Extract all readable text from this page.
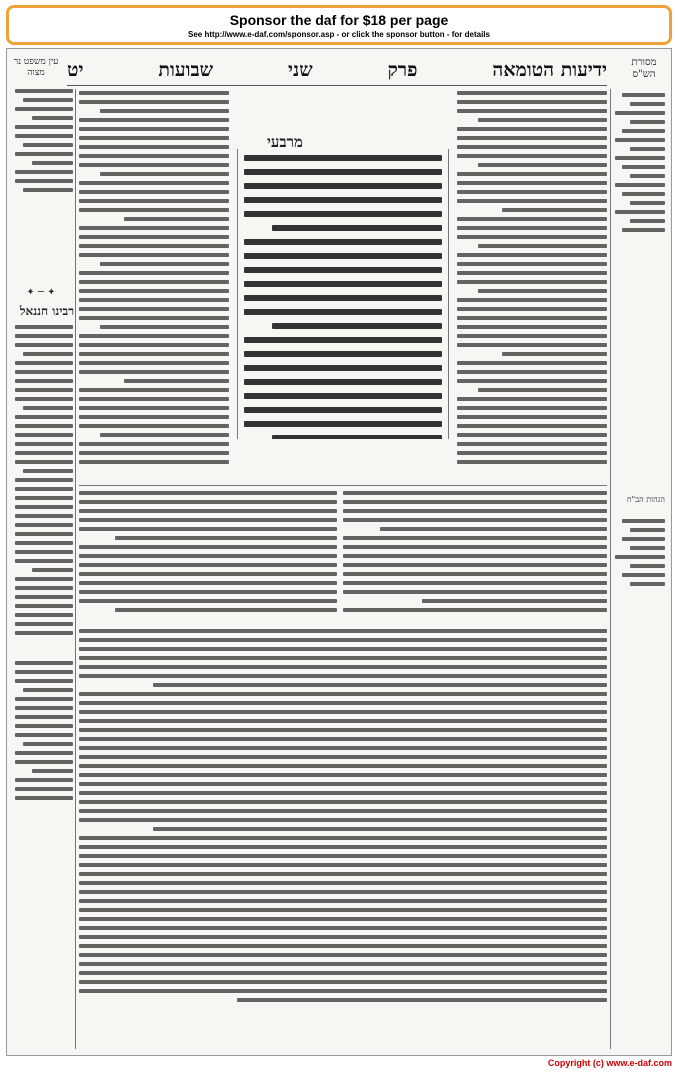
Sponsor the daf for $18 per page
See http://www.e-daf.com/sponsor.asp - or click the sponsor button - for details
ידיעות הטומאה
פרק
שני
שבועות
יט	מסורת הש"ס
עין משפט נר מצוה
מרבעי
רבינו חננאל
✦ ─ ✦
הגהות הב"ח
Copyright (c) www.e-daf.com
